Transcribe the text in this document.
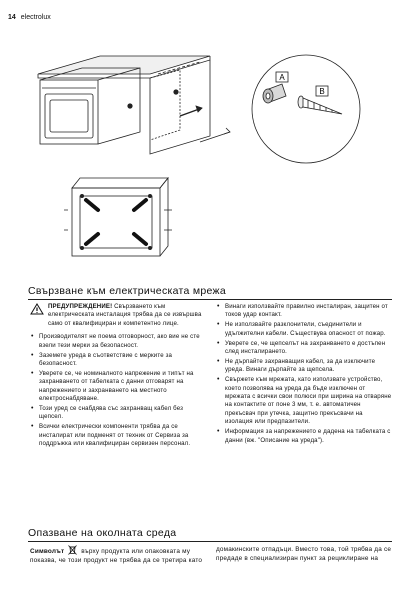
14 electrolux
A
B
Свързване към електрическата мрежа
ПРЕДУПРЕЖДЕНИЕ! Свързването към електрическата инсталация трябва да се извършва само от квалифициран и компетентно лице.
• Производителят не поема отговорност, ако вие не сте взели тези мерки за безопасност.
• Заземете уреда в съответствие с мерките за безопасност.
• Уверете се, че номиналното напрежение и типът на захранването от табелката с данни отговарят на напрежението и захранването на местното електроснабдяване.
• Този уред се снабдява със захранващ кабел без щепсел.
• Всички електрически компоненти трябва да се инсталират или подменят от техник от Сервиза за поддръжка или квалифициран сервизен персонал.
• Винаги използвайте правилно инсталиран, защитен от токов удар контакт.
• Не използвайте разклонители, съединители и удължителни кабели. Съществува опасност от пожар.
• Уверете се, че щепселът на захранването е достъпен след инсталирането.
• Не дърпайте захранващия кабел, за да изключите уреда. Винаги дърпайте за щепсела.
• Свържете към мрежата, като използвате устройство, което позволява на уреда да бъде изключен от мрежата с всички свои полюси при ширина на отваряне на контактите от поне 3 мм, т. е. автоматичен прекъсвач при утечка, защитно прекъсвачи на изолация или предпазители.
• Информация за напрежението е дадена на табелката с данни (вж. "Описание на уреда").
Опазване на околната среда
Символът	върху продукта или опаковката му показва, че този продукт не трябва да се третира като
домакинските отпадъци. Вместо това, той трябва да се предаде в специализиран пункт за рециклиране на
